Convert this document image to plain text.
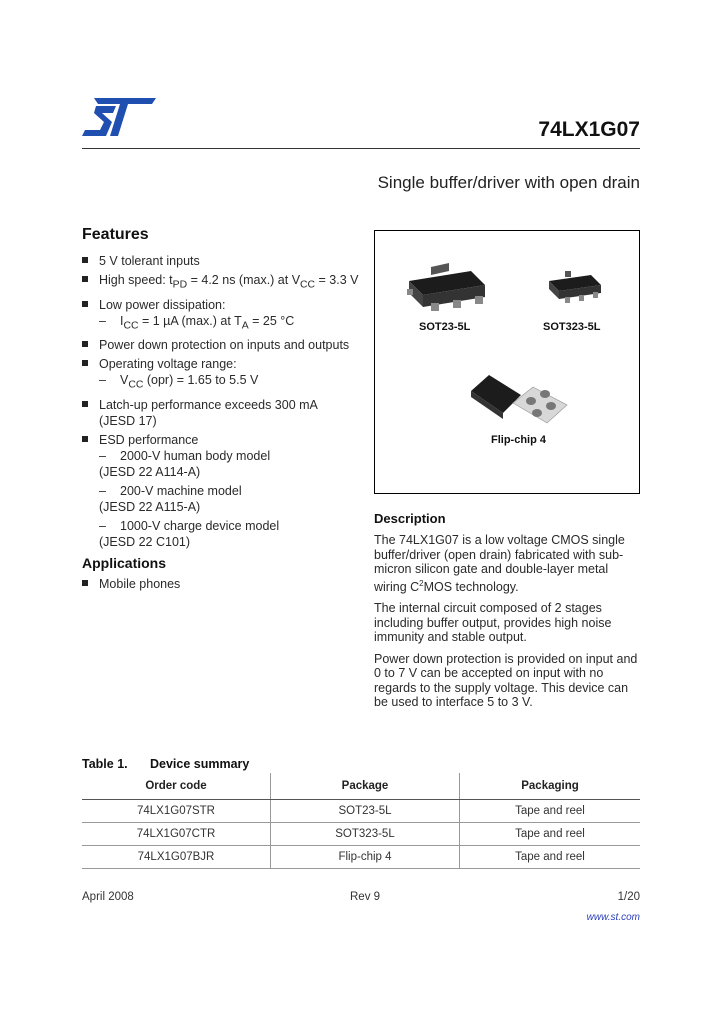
74LX1G07
Single buffer/driver with open drain
Features
5 V tolerant inputs
High speed: $t_{PD} = 4.2$ ns (max.) at $V_{CC} = 3.3$ V
Low power dissipation:
– $I_{CC} = 1$ µA (max.) at $T_A = 25$ °C
Power down protection on inputs and outputs
Operating voltage range:
– $V_{CC}$ (opr) = 1.65 to 5.5 V
Latch-up performance exceeds 300 mA
(JESD 17)
ESD performance
– 2000-V human body model
(JESD 22 A114-A)
– 200-V machine model
(JESD 22 A115-A)
– 1000-V charge device model
(JESD 22 C101)
Applications
Mobile phones
SOT23-5L	SOT323-5L
Flip-chip 4
Description

The 74LX1G07 is a low voltage CMOS single buffer/driver (open drain) fabricated with sub-micron silicon gate and double-layer metal wiring $C^2MOS$ technology.

The internal circuit composed of 2 stages including buffer output, provides high noise immunity and stable output.

Power down protection is provided on input and 0 to 7 V can be accepted on input with no regards to the supply voltage. This device can be used to interface 5 to 3 V.

Table 1. Device summary
Order code	Package	Packaging
74LX1G07STR	SOT23-5L	Tape and reel
74LX1G07CTR	SOT323-5L	Tape and reel
74LX1G07BJR	Flip-chip 4	Tape and reel
April 2008	Rev 9	1/20
www.st.com
